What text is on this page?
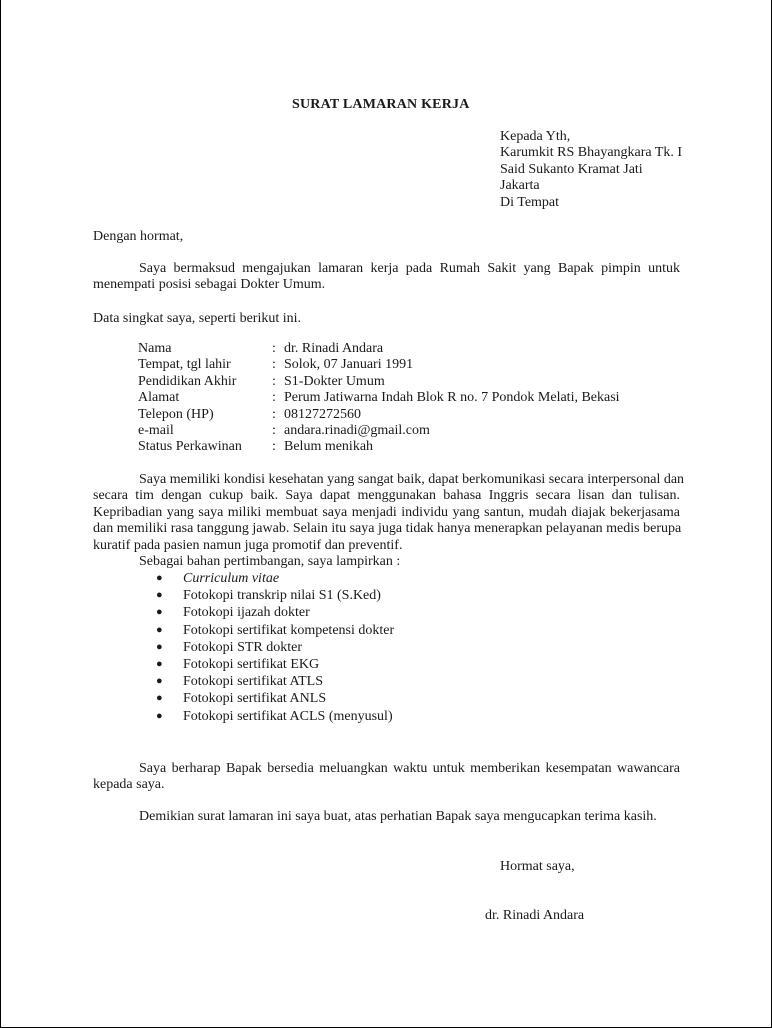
SURAT LAMARAN KERJA
Kepada Yth,
Karumkit RS Bhayangkara Tk. I
Said Sukanto Kramat Jati
Jakarta
Di Tempat
Dengan hormat,
Saya bermaksud mengajukan lamaran kerja pada Rumah Sakit yang Bapak pimpin untuk
menempati posisi sebagai Dokter Umum.
Data singkat saya, seperti berikut ini.
Nama	: dr. Rinadi Andara
Tempat, tgl lahir	: Solok, 07 Januari 1991
Pendidikan Akhir	: S1-Dokter Umum
Alamat	: Perum Jatiwarna Indah Blok R no. 7 Pondok Melati, Bekasi
Telepon (HP)	: 08127272560
e-mail	: andara.rinadi@gmail.com
Status Perkawinan : Belum menikah
Saya memiliki kondisi kesehatan yang sangat baik, dapat berkomunikasi secara interpersonal dan
secara tim dengan cukup baik. Saya dapat menggunakan bahasa Inggris secara lisan dan tulisan.
Kepribadian yang saya miliki membuat saya menjadi individu yang santun, mudah diajak bekerjasama
dan memiliki rasa tanggung jawab. Selain itu saya juga tidak hanya menerapkan pelayanan medis berupa
kuratif pada pasien namun juga promotif dan preventif.
Sebagai bahan pertimbangan, saya lampirkan :
● Curriculum vitae
● Fotokopi transkrip nilai S1 (S.Ked)
● Fotokopi ijazah dokter
● Fotokopi sertifikat kompetensi dokter
● Fotokopi STR dokter
● Fotokopi sertifikat EKG
● Fotokopi sertifikat ATLS
● Fotokopi sertifikat ANLS
● Fotokopi sertifikat ACLS (menyusul)
Saya berharap Bapak bersedia meluangkan waktu untuk memberikan kesempatan wawancara
kepada saya.
Demikian surat lamaran ini saya buat, atas perhatian Bapak saya mengucapkan terima kasih.
Hormat saya,
dr. Rinadi Andara
